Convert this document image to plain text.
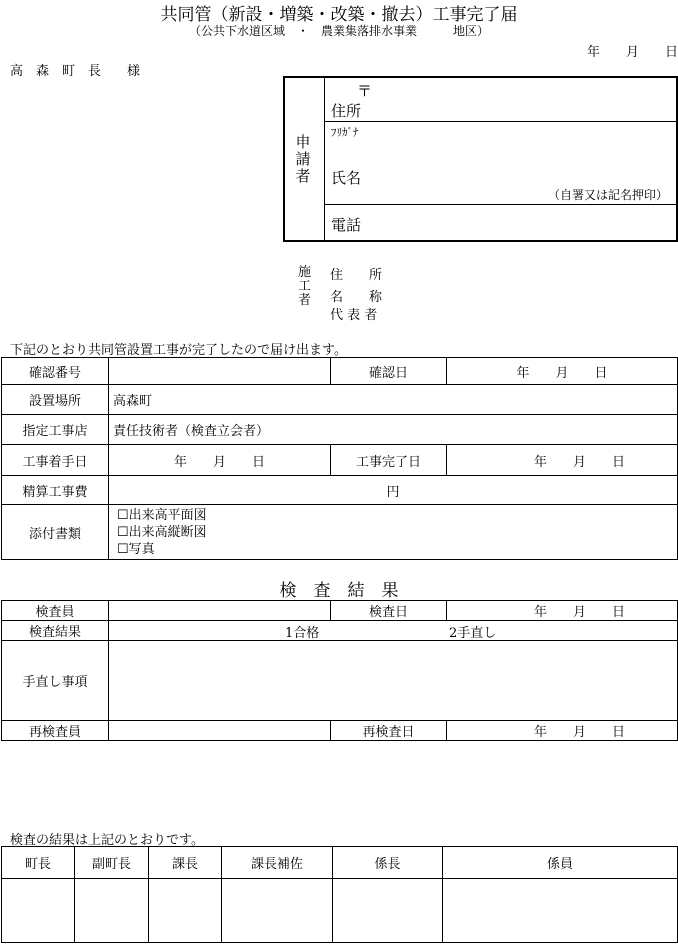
共同管（新設・増築・改築・撤去）工事完了届
（公共下水道区域　・　農業集落排水事業　　　地区）
年　　月　　日
高　森　町　長　　様
申請者
〒
住所
ﾌﾘｶﾞﾅ
氏名
（自署又は記名押印）
電話
施工者
住　　所
名　　称
代 表 者
下記のとおり共同管設置工事が完了したので届け出ます。
確認番号		確認日	年　　月　　日
設置場所	高森町		
指定工事店	責任技術者（検査立会者）		
工事着手日	年　　月　　日	工事完了日	年　　月　　日
精算工事費	円		
添付書類	☐出来高平面図
☐出来高縦断図
☐写真		
検　査　結　果
検査員		検査日	年　　月　　日
検査結果	1合格 2手直し		

手直し事項			
再検査員		再検査日	年　　月　　日
検査の結果は上記のとおりです。
町長	副町長	課長	課長補佐	係長	係員
